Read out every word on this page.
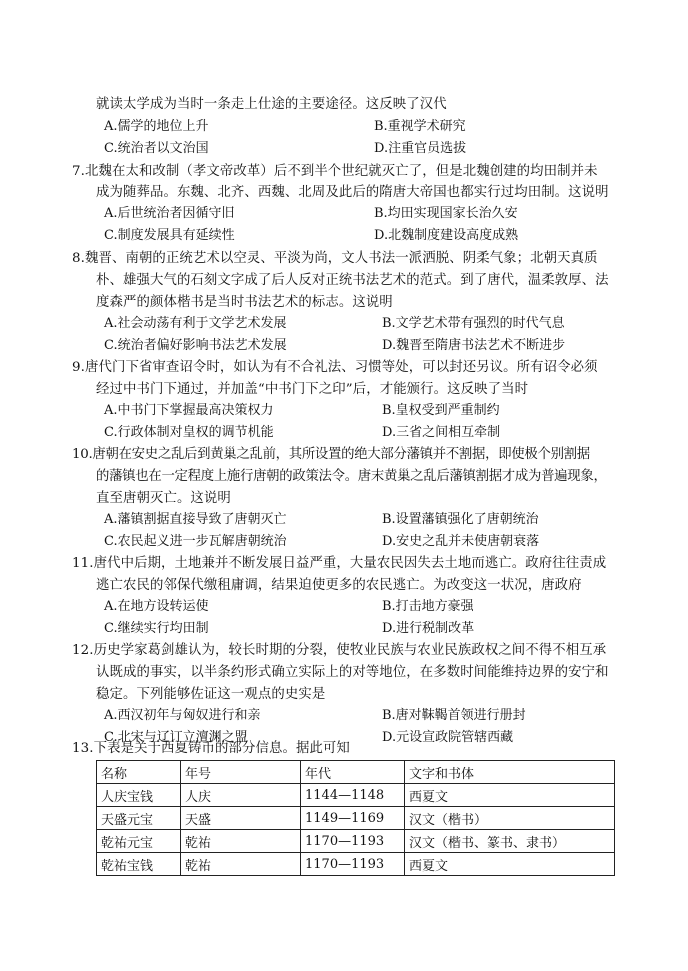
就读太学成为当时一条走上仕途的主要途径。这反映了汉代
A.儒学的地位上升	B.重视学术研究
C.统治者以文治国	D.注重官员选拔
7.北魏在太和改制（孝文帝改革）后不到半个世纪就灭亡了，但是北魏创建的均田制并未
成为随葬品。东魏、北齐、西魏、北周及此后的隋唐大帝国也都实行过均田制。这说明
A.后世统治者因循守旧	B.均田实现国家长治久安
C.制度发展具有延续性	D.北魏制度建设高度成熟
8.魏晋、南朝的正统艺术以空灵、平淡为尚，文人书法一派洒脱、阴柔气象；北朝天真质
朴、雄强大气的石刻文字成了后人反对正统书法艺术的范式。到了唐代，温柔敦厚、法
度森严的颜体楷书是当时书法艺术的标志。这说明
A.社会动荡有利于文学艺术发展	B.文学艺术带有强烈的时代气息
C.统治者偏好影响书法艺术发展	D.魏晋至隋唐书法艺术不断进步
9.唐代门下省审查诏令时，如认为有不合礼法、习惯等处，可以封还另议。所有诏令必须
经过中书门下通过，并加盖“中书门下之印”后，才能颁行。这反映了当时
A.中书门下掌握最高决策权力	B.皇权受到严重制约
C.行政体制对皇权的调节机能	D.三省之间相互牵制
10.唐朝在安史之乱后到黄巢之乱前，其所设置的绝大部分藩镇并不割据，即使极个别割据
的藩镇也在一定程度上施行唐朝的政策法令。唐末黄巢之乱后藩镇割据才成为普遍现象，
直至唐朝灭亡。这说明
A.藩镇割据直接导致了唐朝灭亡	B.设置藩镇强化了唐朝统治
C.农民起义进一步瓦解唐朝统治	D.安史之乱并未使唐朝衰落
11.唐代中后期，土地兼并不断发展日益严重，大量农民因失去土地而逃亡。政府往往责成
逃亡农民的邻保代缴租庸调，结果迫使更多的农民逃亡。为改变这一状况，唐政府
A.在地方设转运使	B.打击地方豪强
C.继续实行均田制	D.进行税制改革
12.历史学家葛剑雄认为，较长时期的分裂，使牧业民族与农业民族政权之间不得不相互承
认既成的事实，以半条约形式确立实际上的对等地位，在多数时间能维持边界的安宁和
稳定。下列能够佐证这一观点的史实是
A.西汉初年与匈奴进行和亲	B.唐对靺鞨首领进行册封
C.北宋与辽订立澶渊之盟	D.元设宣政院管辖西藏
13.下表是关于西夏铸币的部分信息。据此可知
名称	年号	年代	文字和书体
人庆宝钱	人庆	1144—1148	西夏文
天盛元宝	天盛	1149—1169	汉文（楷书）
乾祐元宝	乾祐	1170—1193	汉文（楷书、篆书、隶书）
乾祐宝钱	乾祐	1170—1193	西夏文
